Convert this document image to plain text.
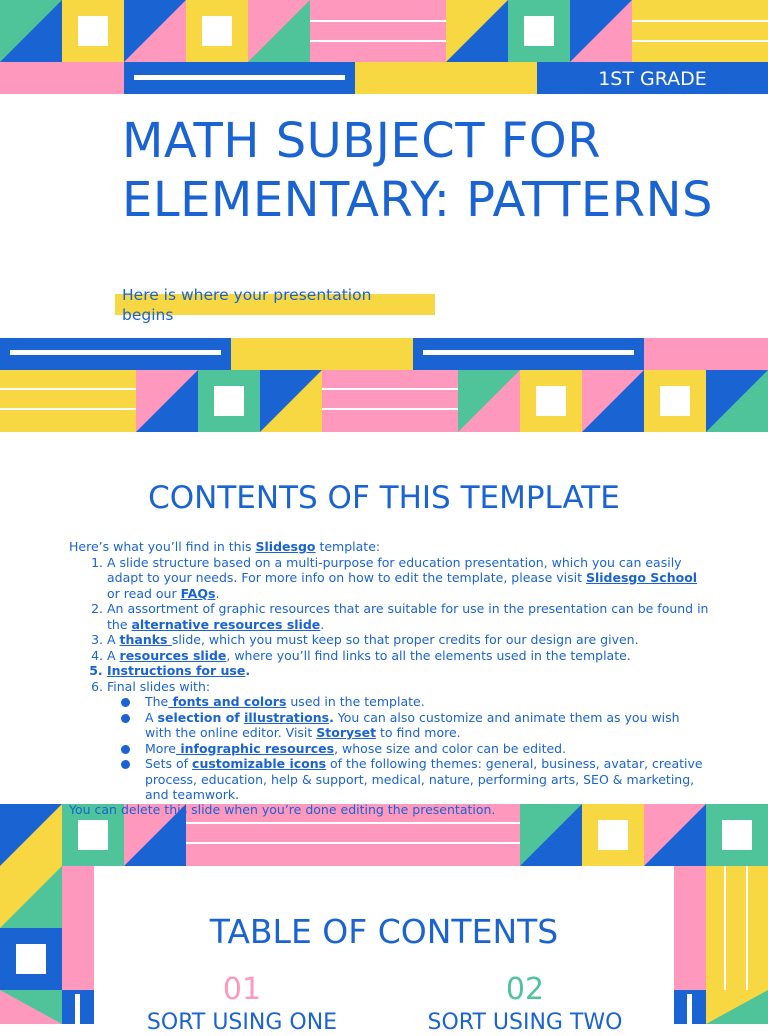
1ST GRADE
MATH SUBJECT FOR ELEMENTARY: PATTERNS
Here is where your presentation begins
CONTENTS OF THIS TEMPLATE
Here’s what you’ll find in this Slidesgo template:
1. A slide structure based on a multi-purpose for education presentation, which you can easily adapt to your needs. For more info on how to edit the template, please visit Slidesgo School or read our FAQs.
2. An assortment of graphic resources that are suitable for use in the presentation can be found in the alternative resources slide.
3. A thanks slide, which you must keep so that proper credits for our design are given.
4. A resources slide, where you’ll find links to all the elements used in the template.
5. Instructions for use.
6. Final slides with:
The fonts and colors used in the template.
A selection of illustrations. You can also customize and animate them as you wish with the online editor. Visit Storyset to find more.
More infographic resources, whose size and color can be edited.
Sets of customizable icons of the following themes: general, business, avatar, creative process, education, help & support, medical, nature, performing arts, SEO & marketing, and teamwork.
TABLE OF CONTENTS
01	02
SORT USING ONE	SORT USING TWO
You can delete this slide when you’re done editing the presentation.
